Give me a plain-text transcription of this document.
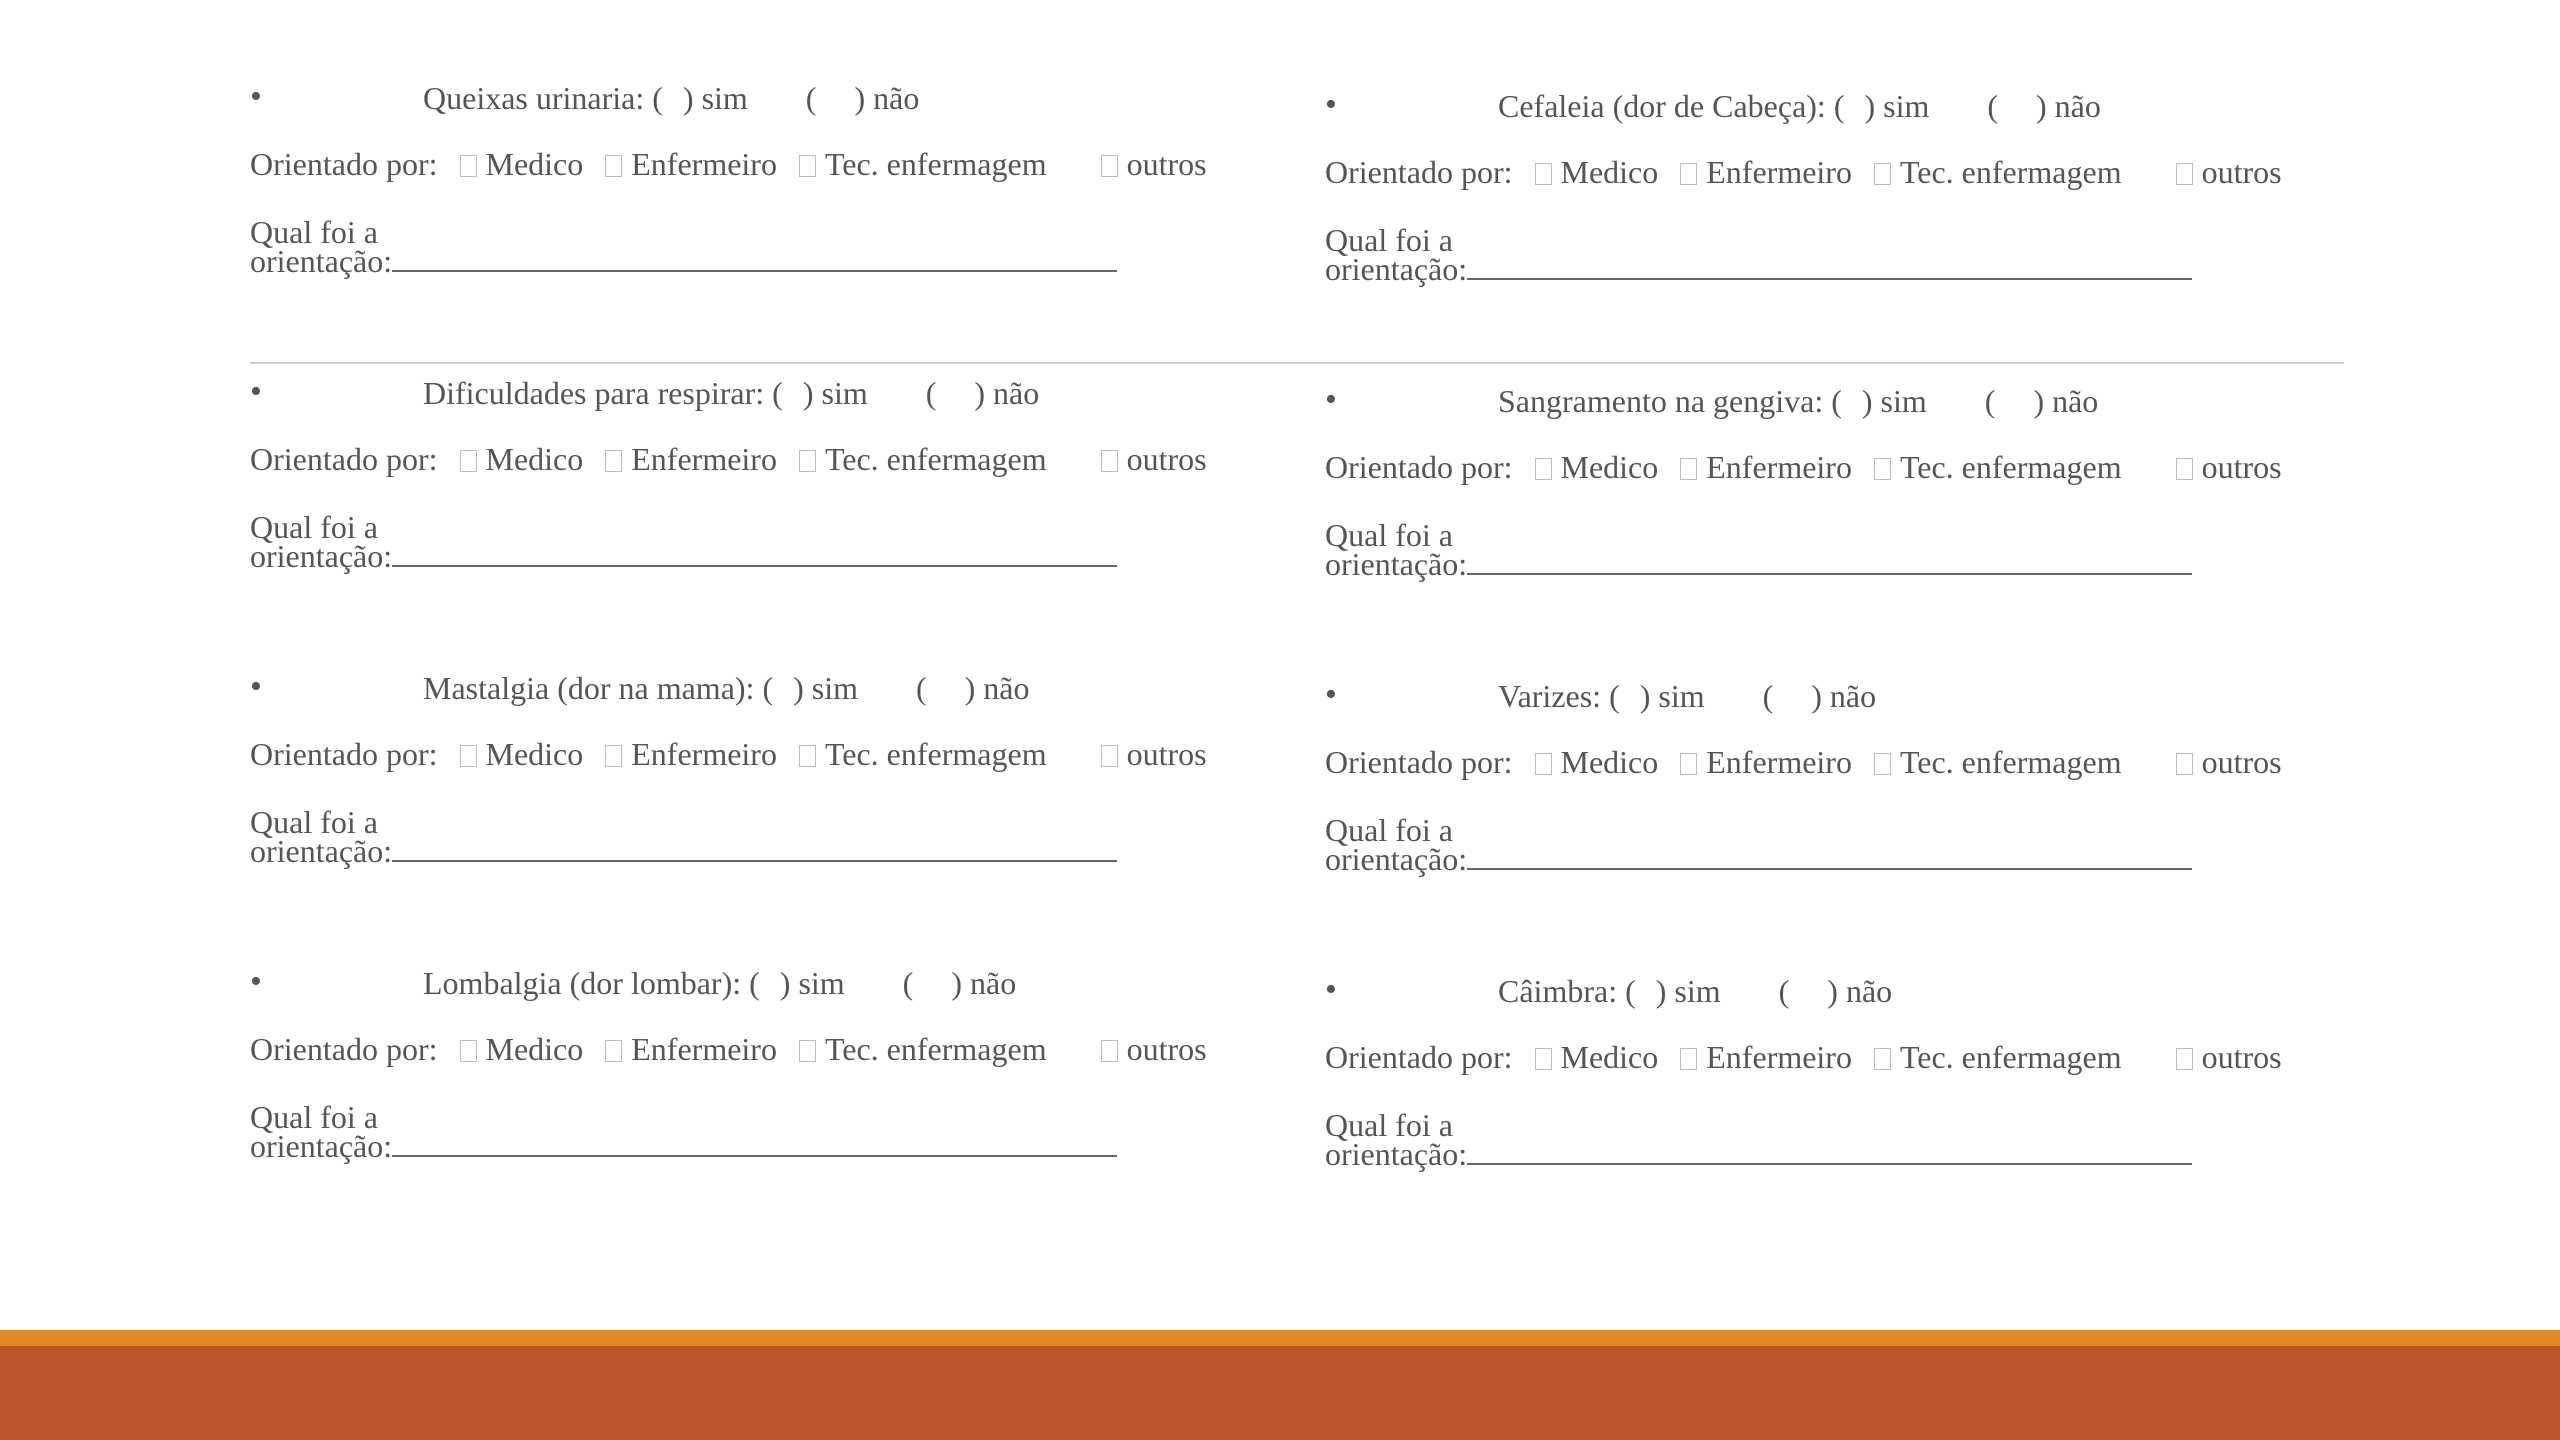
•	Queixas urinaria: ( ) sim ( ) não
Orientado por: Medico Enfermeiro Tec. enfermagem	outros
Qual foi a
orientação:
•	Cefaleia (dor de Cabeça): ( ) sim ( ) não
Orientado por: Medico Enfermeiro Tec. enfermagem	outros
Qual foi a
orientação:
•	Dificuldades para respirar: ( ) sim ( ) não
Orientado por: Medico Enfermeiro Tec. enfermagem	outros
Qual foi a
orientação:
•	Sangramento na gengiva: ( ) sim ( ) não
Orientado por: Medico Enfermeiro Tec. enfermagem	outros
Qual foi a
orientação:
•	Mastalgia (dor na mama): ( ) sim ( ) não
Orientado por: Medico Enfermeiro Tec. enfermagem	outros
Qual foi a
orientação:
•	Varizes: ( ) sim ( ) não
Orientado por: Medico Enfermeiro Tec. enfermagem	outros
Qual foi a
orientação:
•	Lombalgia (dor lombar): ( ) sim ( ) não
Orientado por: Medico Enfermeiro Tec. enfermagem	outros
Qual foi a
orientação:
•	Câimbra: ( ) sim ( ) não
Orientado por: Medico Enfermeiro Tec. enfermagem	outros
Qual foi a
orientação:
